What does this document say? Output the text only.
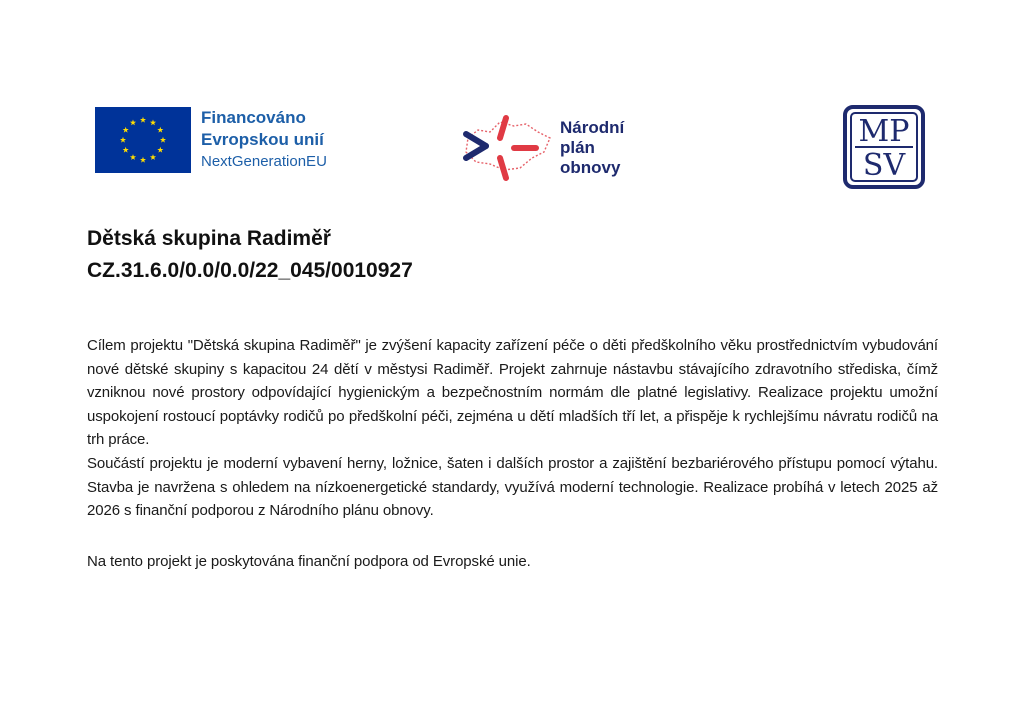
Financováno
Evropskou unií
NextGenerationEU
Národní
plán
obnovy
MP
SV
Dětská skupina Radiměř
CZ.31.6.0/0.0/0.0/22_045/0010927

Cílem projektu "Dětská skupina Radiměř" je zvýšení kapacity zařízení péče o děti předškolního věku prostřednictvím vybudování nové dětské skupiny s kapacitou 24 dětí v městysi Radiměř. Projekt zahrnuje nástavbu stávajícího zdravotního střediska, čímž vzniknou nové prostory odpovídající hygienickým a bezpečnostním normám dle platné legislativy. Realizace projektu umožní uspokojení rostoucí poptávky rodičů po předškolní péči, zejména u dětí mladších tří let, a přispěje k rychlejšímu návratu rodičů na trh práce.

Součástí projektu je moderní vybavení herny, ložnice, šaten i dalších prostor a zajištění bezbariérového přístupu pomocí výtahu. Stavba je navržena s ohledem na nízkoenergetické standardy, využívá moderní technologie. Realizace probíhá v letech 2025 až 2026 s finanční podporou z Národního plánu obnovy.

Na tento projekt je poskytována finanční podpora od Evropské unie.
